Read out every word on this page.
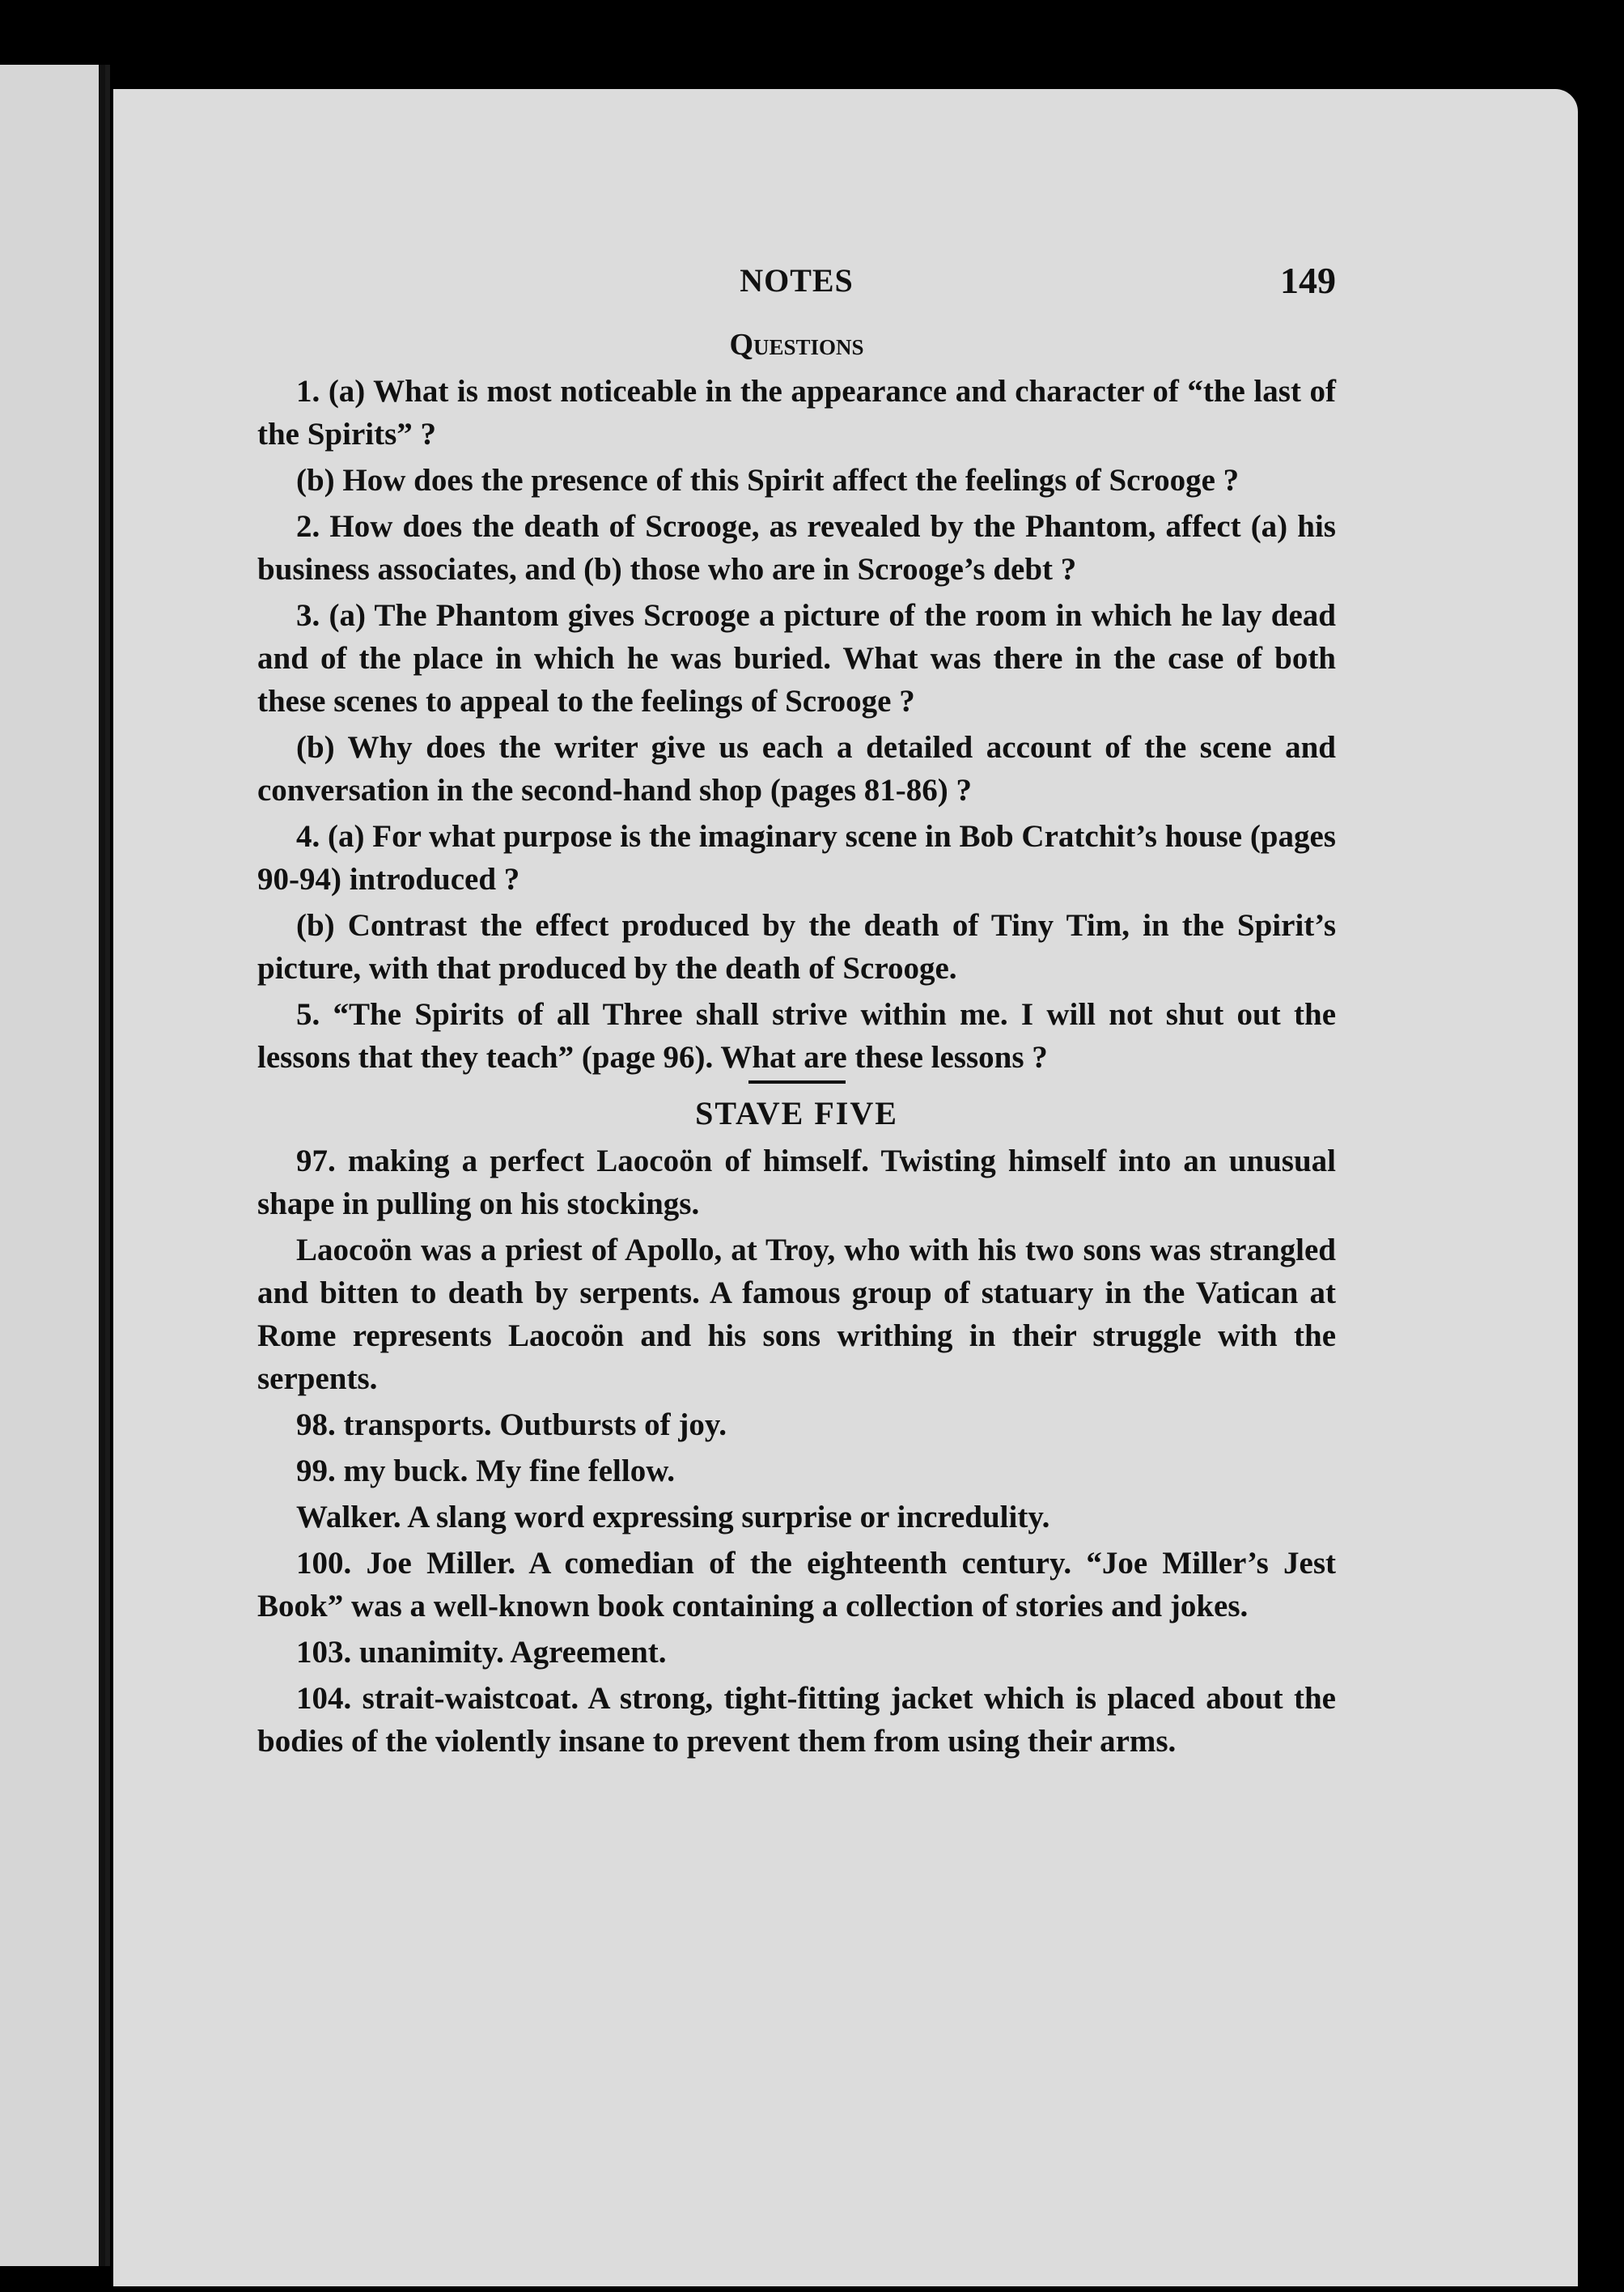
NOTES	149
Questions

1. (a) What is most noticeable in the appearance and character of “the last of the Spirits” ?

(b) How does the presence of this Spirit affect the feelings of Scrooge ?

2. How does the death of Scrooge, as revealed by the Phantom, affect (a) his business associates, and (b) those who are in Scrooge’s debt ?

3. (a) The Phantom gives Scrooge a picture of the room in which he lay dead and of the place in which he was buried. What was there in the case of both these scenes to appeal to the feelings of Scrooge ?

(b) Why does the writer give us each a detailed account of the scene and conversation in the second-hand shop (pages 81-86) ?

4. (a) For what purpose is the imaginary scene in Bob Cratchit’s house (pages 90-94) introduced ?

(b) Contrast the effect produced by the death of Tiny Tim, in the Spirit’s picture, with that produced by the death of Scrooge.

5. “The Spirits of all Three shall strive within me. I will not shut out the lessons that they teach” (page 96). What are these lessons ?

STAVE FIVE

97. making a perfect Laocoön of himself. Twisting himself into an unusual shape in pulling on his stockings.

Laocoön was a priest of Apollo, at Troy, who with his two sons was strangled and bitten to death by serpents. A famous group of statuary in the Vatican at Rome represents Laocoön and his sons writhing in their struggle with the serpents.

98. transports. Outbursts of joy.

99. my buck. My fine fellow.

Walker. A slang word expressing surprise or incredulity.

100. Joe Miller. A comedian of the eighteenth century. “Joe Miller’s Jest Book” was a well-known book containing a collection of stories and jokes.

103. unanimity. Agreement.

104. strait-waistcoat. A strong, tight-fitting jacket which is placed about the bodies of the violently insane to prevent them from using their arms.
